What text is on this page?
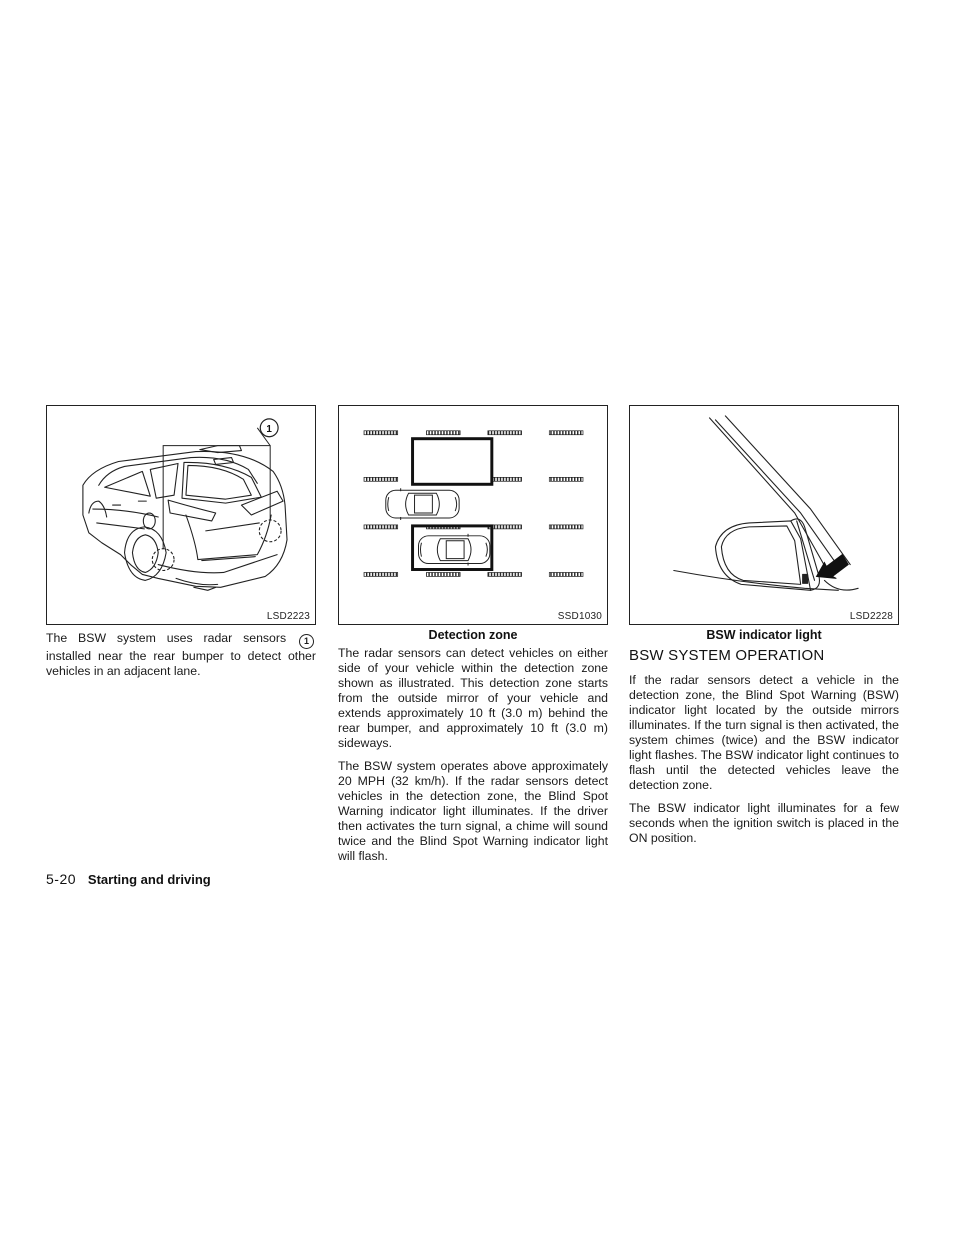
1
LSD2223	SSD1030	LSD2228
Detection zone	BSW indicator light

The BSW system uses radar sensors 1 installed near the rear bumper to detect other vehicles in an adjacent lane.

The radar sensors can detect vehicles on either side of your vehicle within the detection zone shown as illustrated. This detection zone starts from the outside mirror of your vehicle and extends approximately 10 ft (3.0 m) behind the rear bumper, and approximately 10 ft (3.0 m) sideways.

The BSW system operates above approximately 20 MPH (32 km/h). If the radar sensors detect vehicles in the detection zone, the Blind Spot Warning indicator light illuminates. If the driver then activates the turn signal, a chime will sound twice and the Blind Spot Warning indicator light will flash.

BSW SYSTEM OPERATION

If the radar sensors detect a vehicle in the detection zone, the Blind Spot Warning (BSW) indicator light located by the outside mirrors illuminates. If the turn signal is then activated, the system chimes (twice) and the BSW indicator light flashes. The BSW indicator light continues to flash until the detected vehicles leave the detection zone.

The BSW indicator light illuminates for a few seconds when the ignition switch is placed in the ON position.

5-20 Starting and driving
